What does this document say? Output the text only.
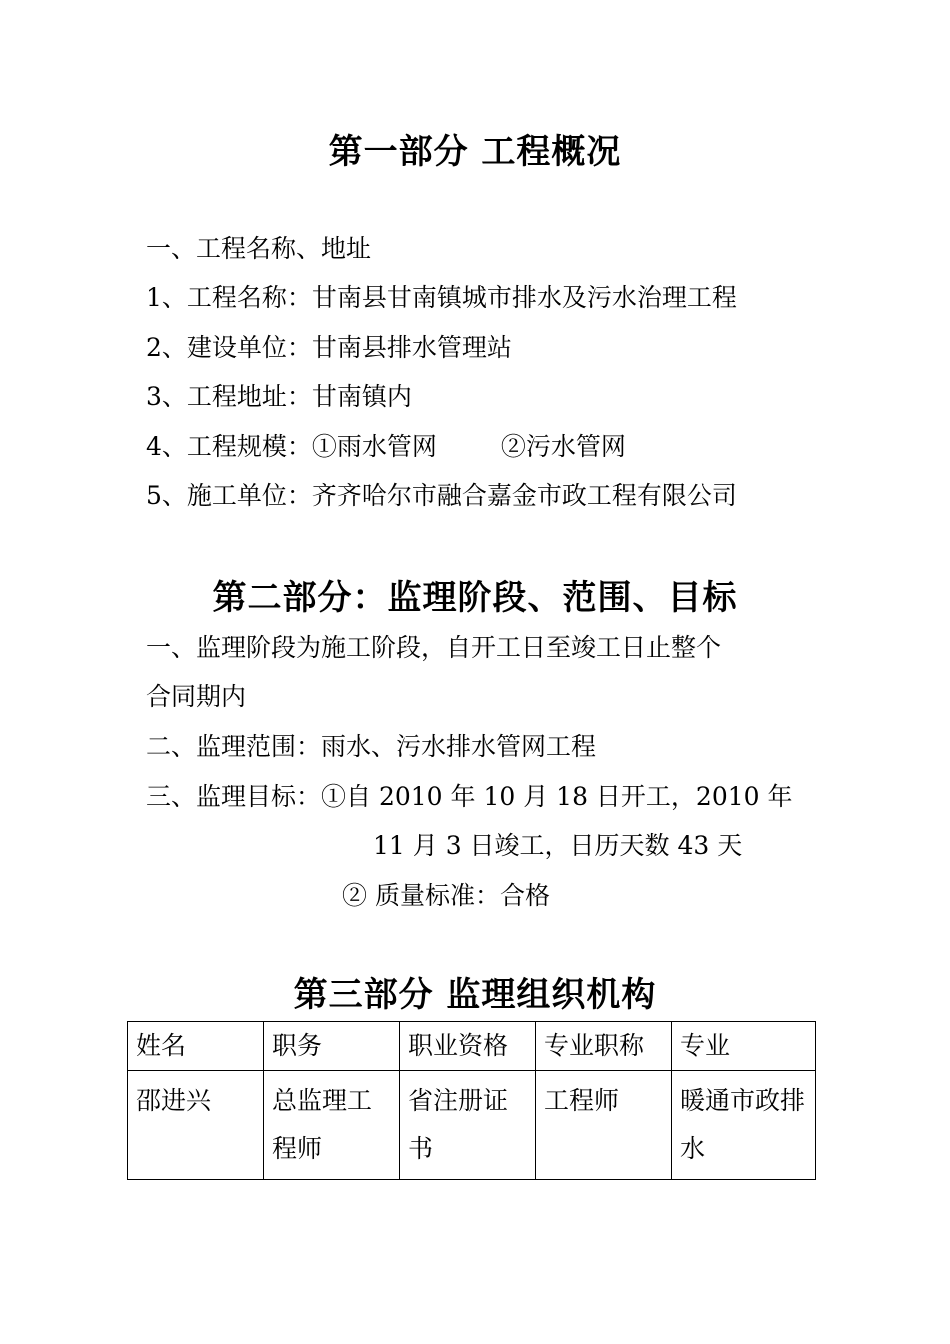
第一部分 工程概况
一、工程名称、地址
1、工程名称：甘南县甘南镇城市排水及污水治理工程
2、建设单位：甘南县排水管理站
3、工程地址：甘南镇内
4、工程规模：①雨水管网	②污水管网
5、施工单位：齐齐哈尔市融合嘉金市政工程有限公司
第二部分：监理阶段、范围、目标
一、监理阶段为施工阶段，自开工日至竣工日止整个
合同期内
二、监理范围：雨水、污水排水管网工程
三、监理目标：①自 2010 年 10 月 18 日开工，2010 年
11 月 3 日竣工，日历天数 43 天
② 质量标准：合格
第三部分 监理组织机构
姓名	职务	职业资格	专业职称	专业
邵进兴	总监理工程师	省注册证书	工程师	暖通市政排水
